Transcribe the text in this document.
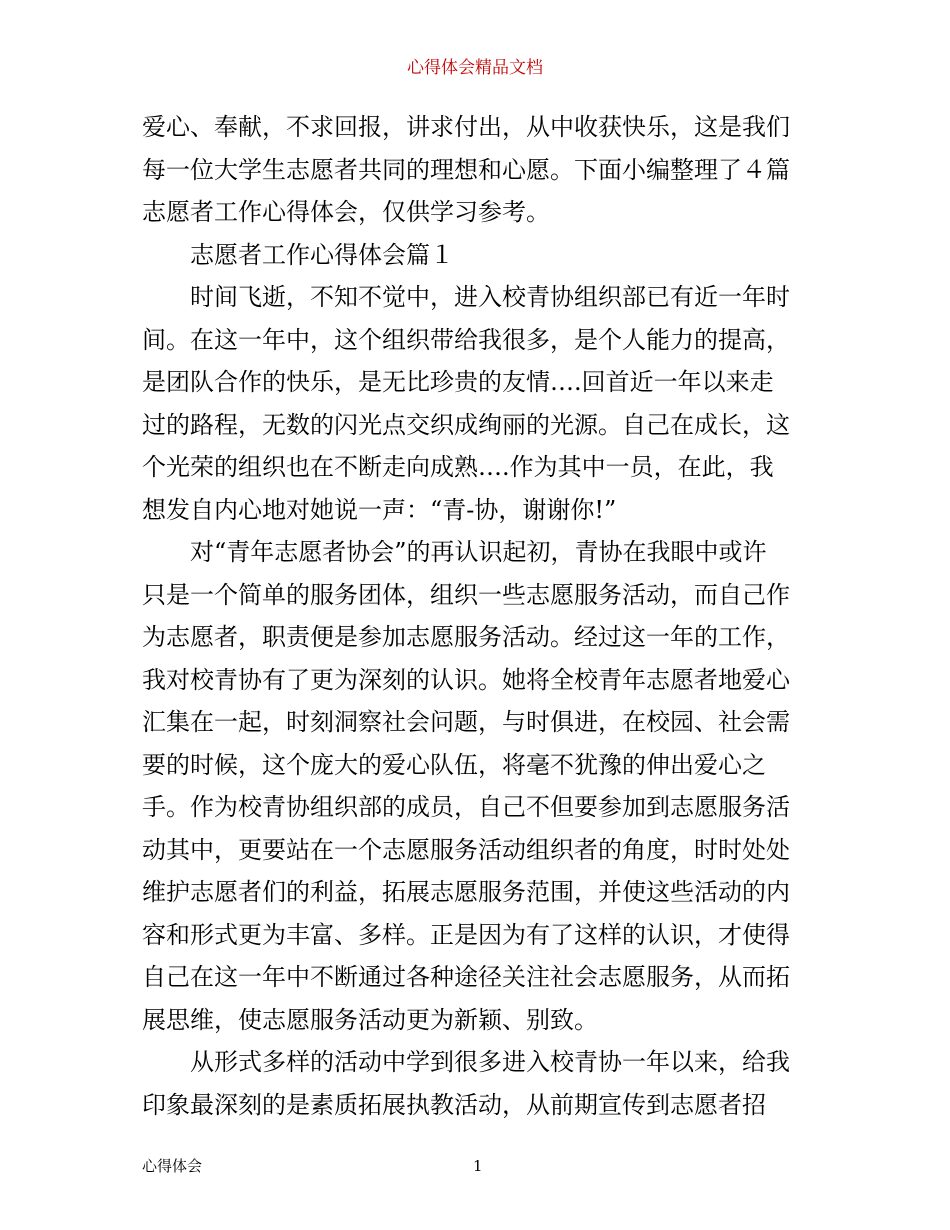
心得体会精品文档
爱心、奉献，不求回报，讲求付出，从中收获快乐，这是我们
每一位大学生志愿者共同的理想和心愿。下面小编整理了４篇
志愿者工作心得体会，仅供学习参考。
志愿者工作心得体会篇１
时间飞逝，不知不觉中，进入校青协组织部已有近一年时
间。在这一年中，这个组织带给我很多，是个人能力的提高，
是团队合作的快乐，是无比珍贵的友情….回首近一年以来走
过的路程，无数的闪光点交织成绚丽的光源。自己在成长，这
个光荣的组织也在不断走向成熟….作为其中一员，在此，我
想发自内心地对她说一声：“青-协，谢谢你!”
对“青年志愿者协会”的再认识起初，青协在我眼中或许
只是一个简单的服务团体，组织一些志愿服务活动，而自己作
为志愿者，职责便是参加志愿服务活动。经过这一年的工作，
我对校青协有了更为深刻的认识。她将全校青年志愿者地爱心
汇集在一起，时刻洞察社会问题，与时俱进，在校园、社会需
要的时候，这个庞大的爱心队伍，将毫不犹豫的伸出爱心之
手。作为校青协组织部的成员，自己不但要参加到志愿服务活
动其中，更要站在一个志愿服务活动组织者的角度，时时处处
维护志愿者们的利益，拓展志愿服务范围，并使这些活动的内
容和形式更为丰富、多样。正是因为有了这样的认识，才使得
自己在这一年中不断通过各种途径关注社会志愿服务，从而拓
展思维，使志愿服务活动更为新颖、别致。
从形式多样的活动中学到很多进入校青协一年以来，给我
印象最深刻的是素质拓展执教活动，从前期宣传到志愿者招
心得体会	1
